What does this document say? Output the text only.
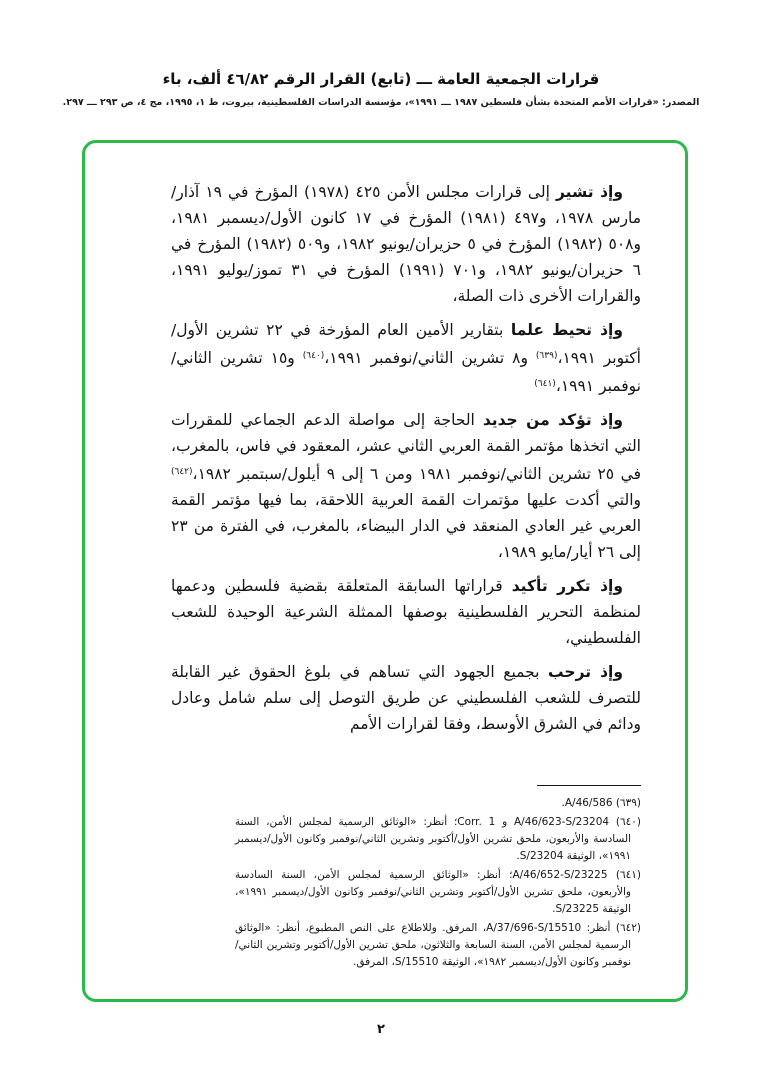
قرارات الجمعية العامة ـــ (تابع) القرار الرقم ٤٦/٨٢ ألف، باء
المصدر: «قرارات الأمم المتحدة بشأن فلسطين ١٩٨٧ ـــ ١٩٩١»، مؤسسة الدراسات الفلسطينية، بيروت، ط ١، ١٩٩٥، مج ٤، ص ٢٩٣ ـــ ٢٩٧.

وإذ تشير إلى قرارات مجلس الأمن ٤٢٥ (١٩٧٨) المؤرخ في ١٩ آذار/مارس ١٩٧٨، و٤٩٧ (١٩٨١) المؤرخ في ١٧ كانون الأول/ديسمبر ١٩٨١، و٥٠٨ (١٩٨٢) المؤرخ في ٥ حزيران/يونيو ١٩٨٢، و٥٠٩ (١٩٨٢) المؤرخ في ٦ حزيران/يونيو ١٩٨٢، و٧٠١ (١٩٩١) المؤرخ في ٣١ تموز/يوليو ١٩٩١، والقرارات الأخرى ذات الصلة،

وإذ تحيط علما بتقارير الأمين العام المؤرخة في ٢٢ تشرين الأول/أكتوبر ١٩٩١،$^{(٦٣٩)}$ و٨ تشرين الثاني/نوفمبر ١٩٩١،$^{(٦٤٠)}$ و١٥ تشرين الثاني/نوفمبر ١٩٩١،$^{(٦٤١)}$

وإذ تؤكد من جديد الحاجة إلى مواصلة الدعم الجماعي للمقررات التي اتخذها مؤتمر القمة العربي الثاني عشر، المعقود في فاس، بالمغرب، في ٢٥ تشرين الثاني/نوفمبر ١٩٨١ ومن ٦ إلى ٩ أيلول/سبتمبر ١٩٨٢،$^{(٦٤٢)}$ والتي أكدت عليها مؤتمرات القمة العربية اللاحقة، بما فيها مؤتمر القمة العربي غير العادي المنعقد في الدار البيضاء، بالمغرب، في الفترة من ٢٣ إلى ٢٦ أيار/مايو ١٩٨٩،

وإذ تكرر تأكيد قراراتها السابقة المتعلقة بقضية فلسطين ودعمها لمنظمة التحرير الفلسطينية بوصفها الممثلة الشرعية الوحيدة للشعب الفلسطيني،

وإذ ترحب بجميع الجهود التي تساهم في بلوغ الحقوق غير القابلة للتصرف للشعب الفلسطيني عن طريق التوصل إلى سلم شامل وعادل ودائم في الشرق الأوسط، وفقا لقرارات الأمم

(٦٣٩) A/46/586.
(٦٤٠) A/46/623-S/23204 و Corr. 1؛ أنظر: «الوثائق الرسمية لمجلس الأمن، السنة السادسة والأربعون، ملحق تشرين الأول/أكتوبر وتشرين الثاني/نوفمبر وكانون الأول/ديسمبر ١٩٩١»، الوثيقة S/23204.
(٦٤١) A/46/652-S/23225؛ أنظر: «الوثائق الرسمية لمجلس الأمن، السنة السادسة والأربعون، ملحق تشرين الأول/أكتوبر وتشرين الثاني/نوفمبر وكانون الأول/ديسمبر ١٩٩١»، الوثيقة S/23225.
(٦٤٢) أنظر: A/37/696-S/15510، المرفق. وللاطلاع على النص المطبوع، أنظر: «الوثائق الرسمية لمجلس الأمن، السنة السابعة والثلاثون، ملحق تشرين الأول/أكتوبر وتشرين الثاني/نوفمبر وكانون الأول/ديسمبر ١٩٨٢»، الوثيقة S/15510، المرفق.
٢
